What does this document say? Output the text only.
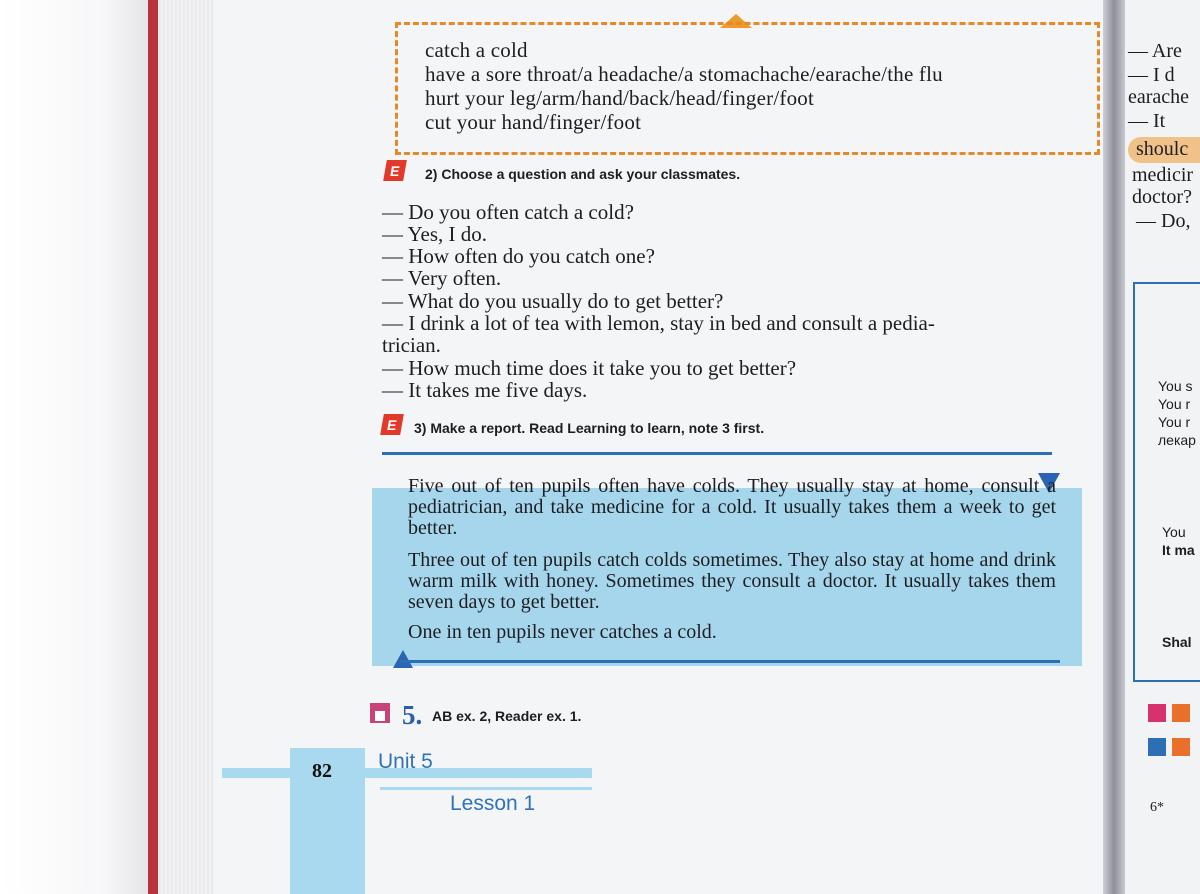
catch a cold
have a sore throat/a headache/a stomachache/earache/the flu
hurt your leg/arm/hand/back/head/finger/foot
cut your hand/finger/foot
E	2) Choose a question and ask your classmates.
— Do you often catch a cold?
— Yes, I do.
— How often do you catch one?
— Very often.
— What do you usually do to get better?
— I drink a lot of tea with lemon, stay in bed and consult a pedia-
trician.
— How much time does it take you to get better?
— It takes me five days.
E	3) Make a report. Read Learning to learn, note 3 first.
Five out of ten pupils often have colds. They usually stay at home, consult a pediatrician, and take medicine for a cold. It usually takes them a week to get better.
Three out of ten pupils catch colds sometimes. They also stay at home and drink warm milk with honey. Sometimes they consult a doctor. It usually takes them seven days to get better.
One in ten pupils never catches a cold.
5. AB ex. 2, Reader ex. 1.
82 Unit 5
Lesson 1
— Are
— I d
earache
— It
shoulc
medicir
doctor?
— Do,
You s
You r
You r
лекар
You
It ma
Shal
6*
